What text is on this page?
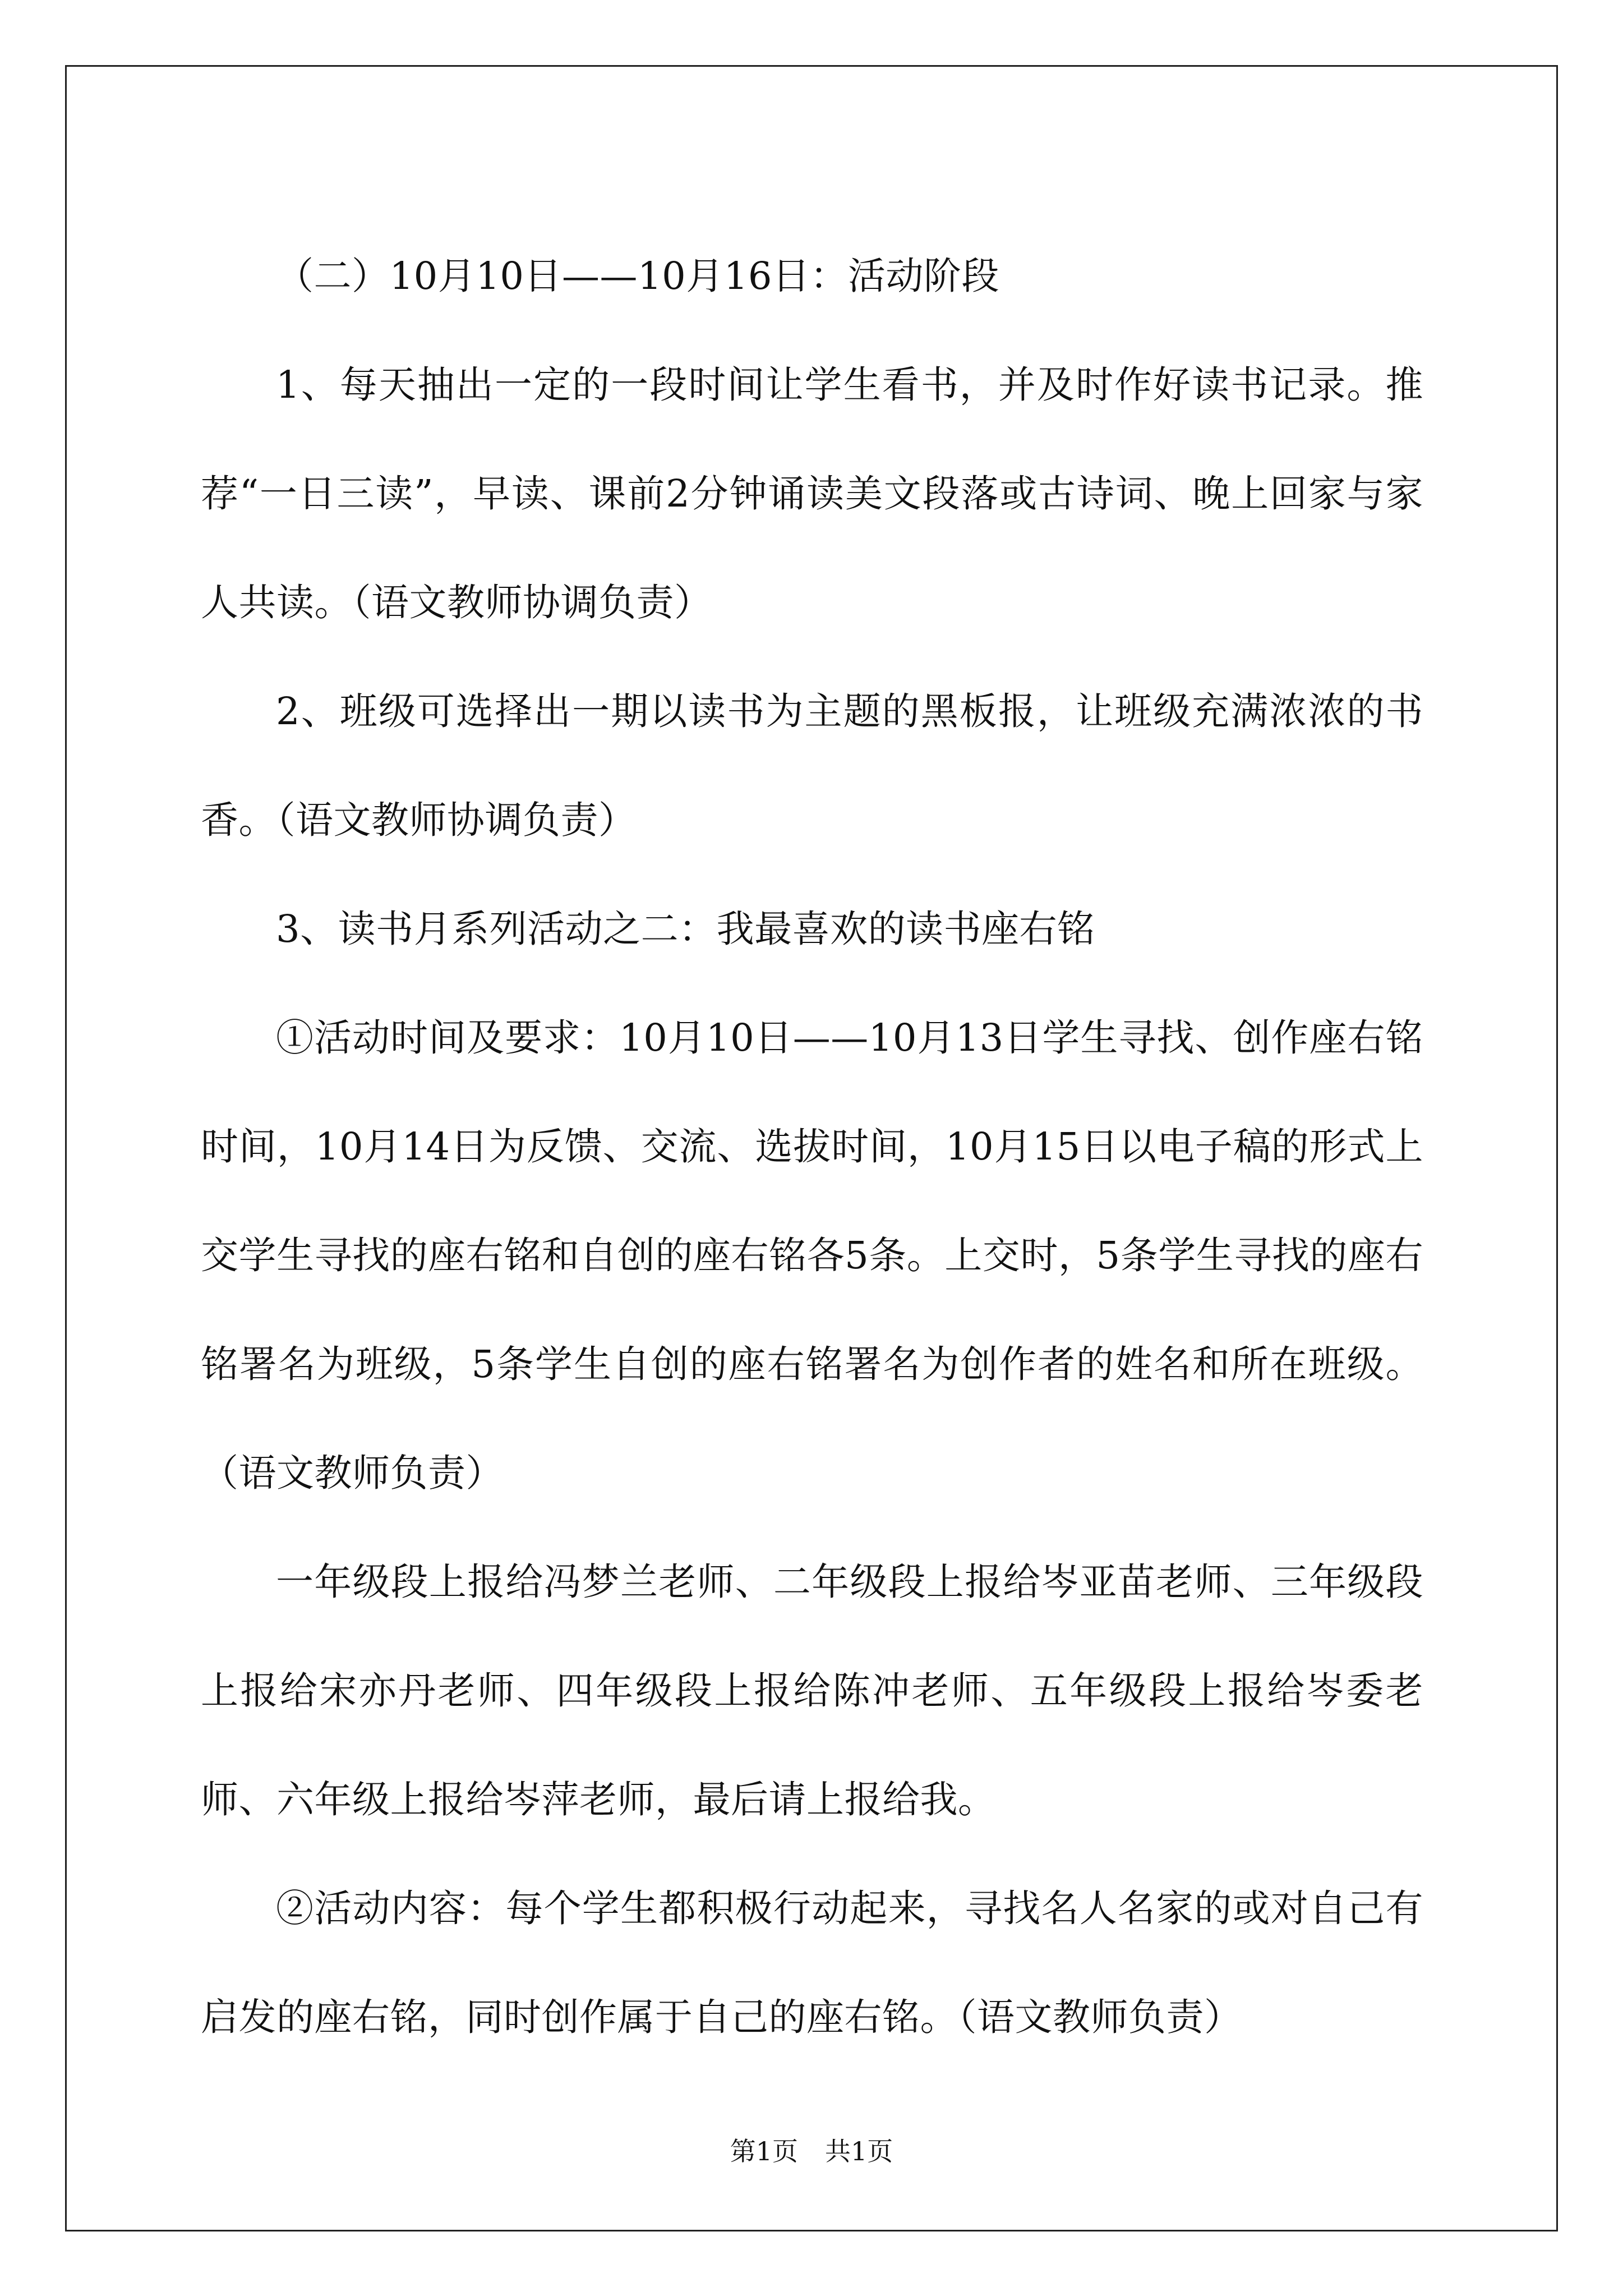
（二）10月10日——10月16日：活动阶段

1、每天抽出一定的一段时间让学生看书，并及时作好读书记录。推荐“一日三读”，早读、课前2分钟诵读美文段落或古诗词、晚上回家与家人共读。（语文教师协调负责）

2、班级可选择出一期以读书为主题的黑板报，让班级充满浓浓的书香。（语文教师协调负责）

3、读书月系列活动之二：我最喜欢的读书座右铭

①活动时间及要求：10月10日——10月13日学生寻找、创作座右铭时间，10月14日为反馈、交流、选拔时间，10月15日以电子稿的形式上交学生寻找的座右铭和自创的座右铭各5条。上交时，5条学生寻找的座右铭署名为班级，5条学生自创的座右铭署名为创作者的姓名和所在班级。（语文教师负责）

一年级段上报给冯梦兰老师、二年级段上报给岑亚苗老师、三年级段上报给宋亦丹老师、四年级段上报给陈冲老师、五年级段上报给岑委老师、六年级上报给岑萍老师，最后请上报给我。

②活动内容：每个学生都积极行动起来，寻找名人名家的或对自己有启发的座右铭，同时创作属于自己的座右铭。（语文教师负责）

第1页 共1页
